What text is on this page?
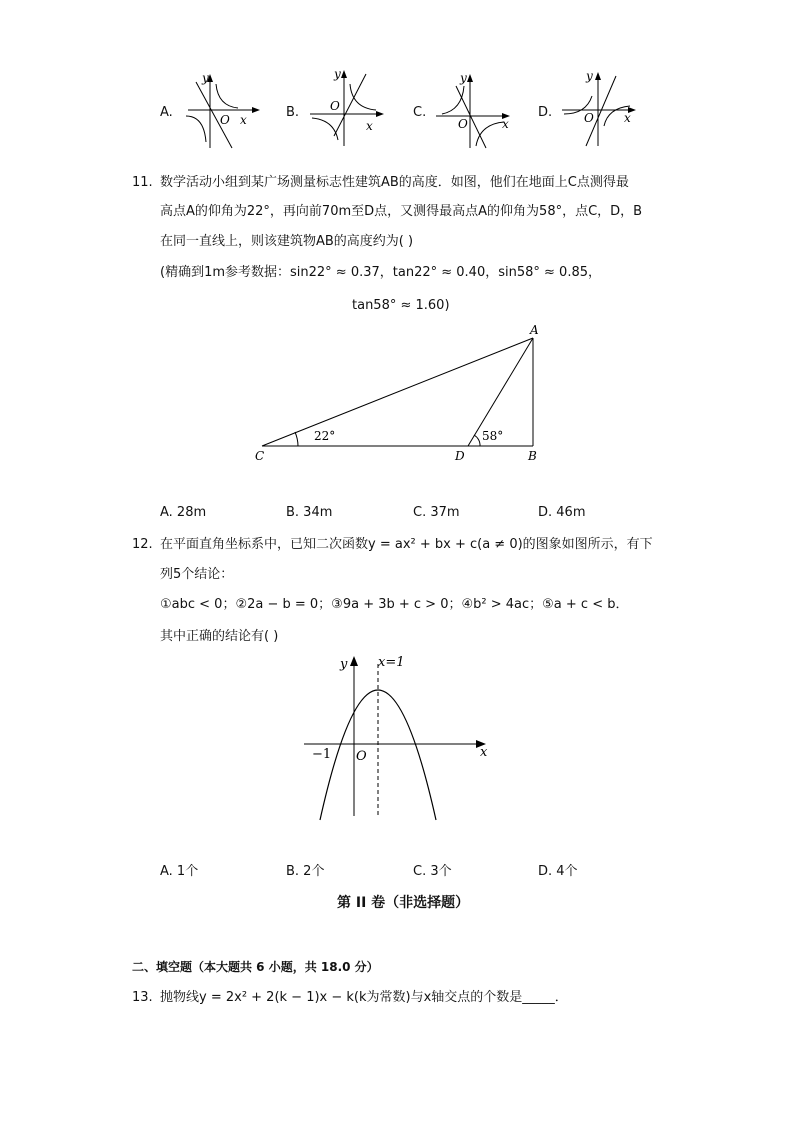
A.
y
O x	B.
y
O
x
C.
y
O	x
D.
y
O	x
11. 数学活动小组到某广场测量标志性建筑AB的高度．如图，他们在地面上C点测得最
高点A的仰角为22°，再向前70m至D点，又测得最高点A的仰角为58°，点C，D，B
在同一直线上，则该建筑物AB的高度约为( )
(精确到1m参考数据：sin22° ≈ 0.37，tan22° ≈ 0.40，sin58° ≈ 0.85，
tan58° ≈ 1.60)
A
B
C	D
22°	58°
A. 28m	B. 34m	C. 37m	D. 46m
12. 在平面直角坐标系中，已知二次函数y = ax² + bx + c(a ≠ 0)的图象如图所示，有下
列5个结论：
①abc < 0；②2a − b = 0；③9a + 3b + c > 0；④b² > 4ac；⑤a + c < b．
其中正确的结论有( )
y x=1
−1 O	x
A. 1个	B. 2个	C. 3个	D. 4个
第 II 卷（非选择题）
二、填空题（本大题共 6 小题，共 18.0 分）
13. 抛物线y = 2x² + 2(k − 1)x − k(k为常数)与x轴交点的个数是_____．
